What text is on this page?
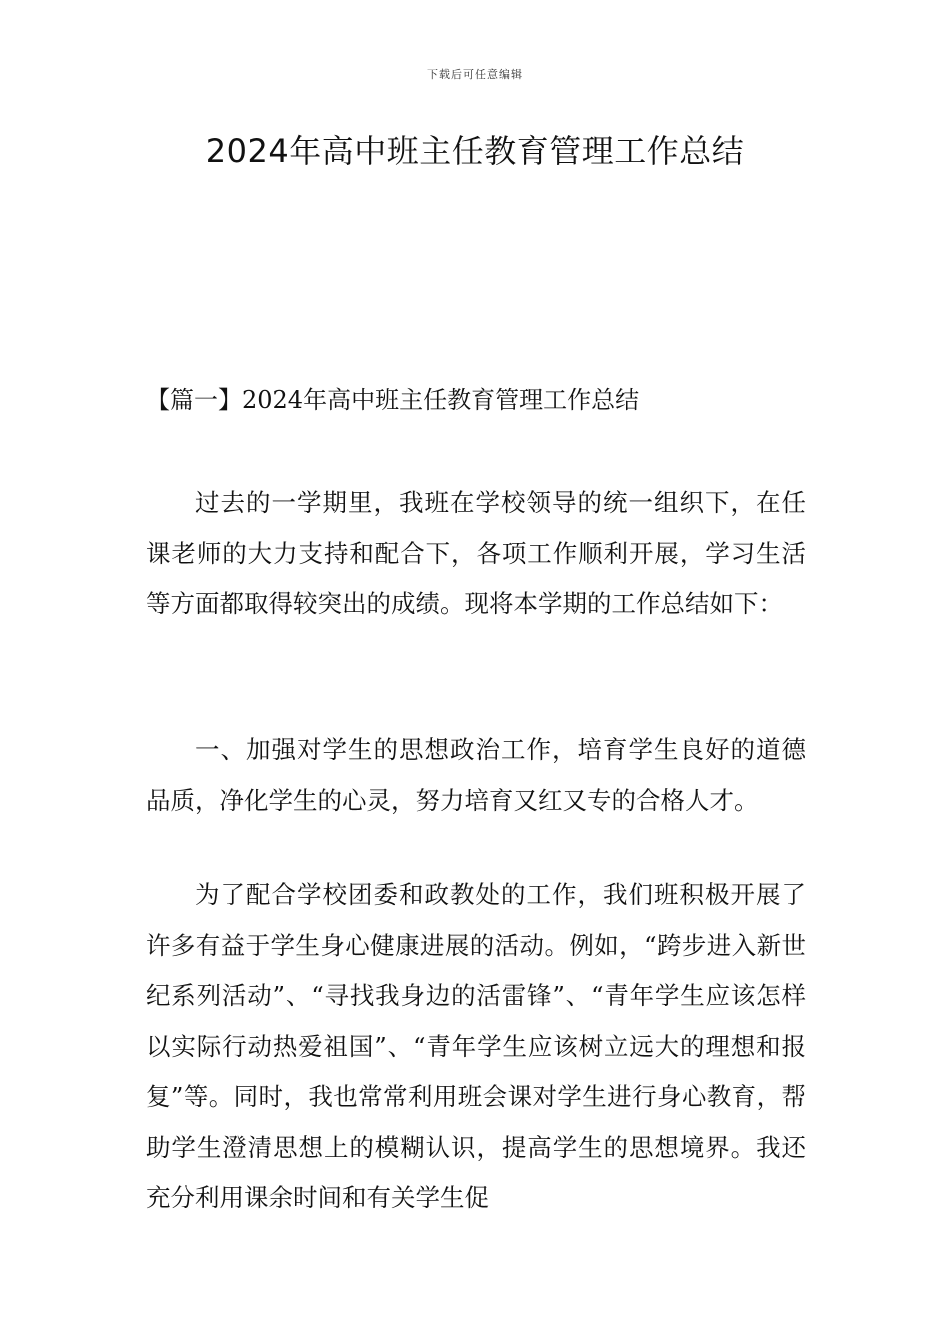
下载后可任意编辑
2024年高中班主任教育管理工作总结
【篇一】2024年高中班主任教育管理工作总结

过去的一学期里，我班在学校领导的统一组织下，在任课老师的大力支持和配合下，各项工作顺利开展，学习生活等方面都取得较突出的成绩。现将本学期的工作总结如下：

一、加强对学生的思想政治工作，培育学生良好的道德品质，净化学生的心灵，努力培育又红又专的合格人才。

为了配合学校团委和政教处的工作，我们班积极开展了许多有益于学生身心健康进展的活动。例如，“跨步进入新世纪系列活动”、“寻找我身边的活雷锋”、“青年学生应该怎样以实际行动热爱祖国”、“青年学生应该树立远大的理想和报复”等。同时，我也常常利用班会课对学生进行身心教育，帮助学生澄清思想上的模糊认识，提高学生的思想境界。我还充分利用课余时间和有关学生促
